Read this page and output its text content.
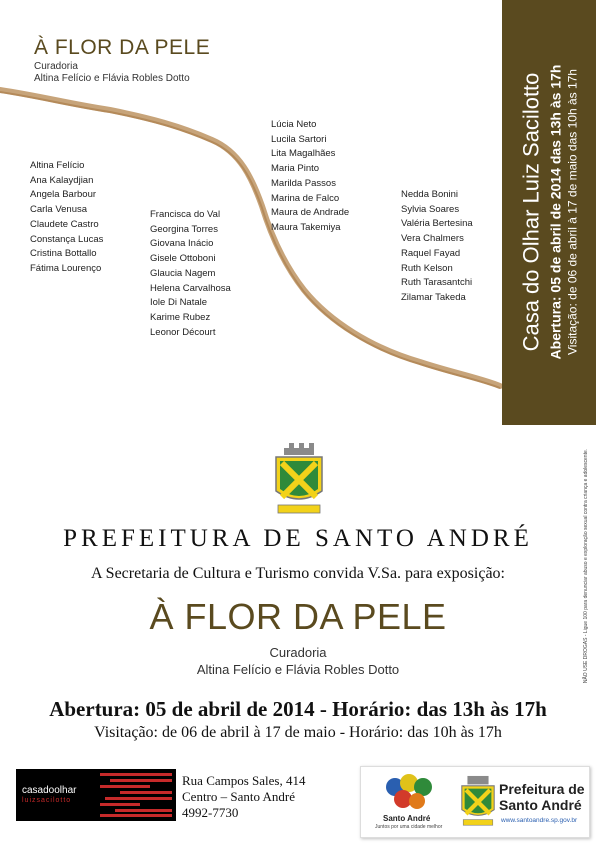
À FLOR DA PELE
Curadoria
Altina Felício e Flávia Robles Dotto
Altina Felício
Ana Kalaydjian
Angela Barbour
Carla Venusa
Claudete Castro
Constança Lucas
Cristina Bottallo
Fátima Lourenço
Francisca do Val
Georgina Torres
Giovana Inácio
Gisele Ottoboni
Glaucia Nagem
Helena Carvalhosa
Iole Di Natale
Karime Rubez
Leonor Décourt
Lúcia Neto
Lucila Sartori
Lita Magalhães
Maria Pinto
Marilda Passos
Marina de Falco
Maura de Andrade
Maura Takemiya
Nedda Bonini
Sylvia Soares
Valéria Bertesina
Vera Chalmers
Raquel Fayad
Ruth Kelson
Ruth Tarasantchi
Zilamar Takeda	Casa do Olhar Luiz Sacilotto Abertura: 05 de abril de 2014 das 13h às 17h Visitação: de 06 de abril à 17 de maio das 10h às 17h
NÃO USE DROGAS - Ligue 100 para denunciar abuso e exploração sexual contra criança e adolescente.
PREFEITURA DE SANTO ANDRÉ
A Secretaria de Cultura e Turismo convida V.Sa. para exposição:
À FLOR DA PELE
Curadoria
Altina Felício e Flávia Robles Dotto
Abertura: 05 de abril de 2014 - Horário: das 13h às 17h
Visitação: de 06 de abril à 17 de maio - Horário: das 10h às 17h
casadoolhar
luizsacilotto
Rua Campos Sales, 414
Centro – Santo André
4992-7730	Santo André
Juntos por uma cidade melhor
Prefeitura de
Santo André
www.santoandre.sp.gov.br
